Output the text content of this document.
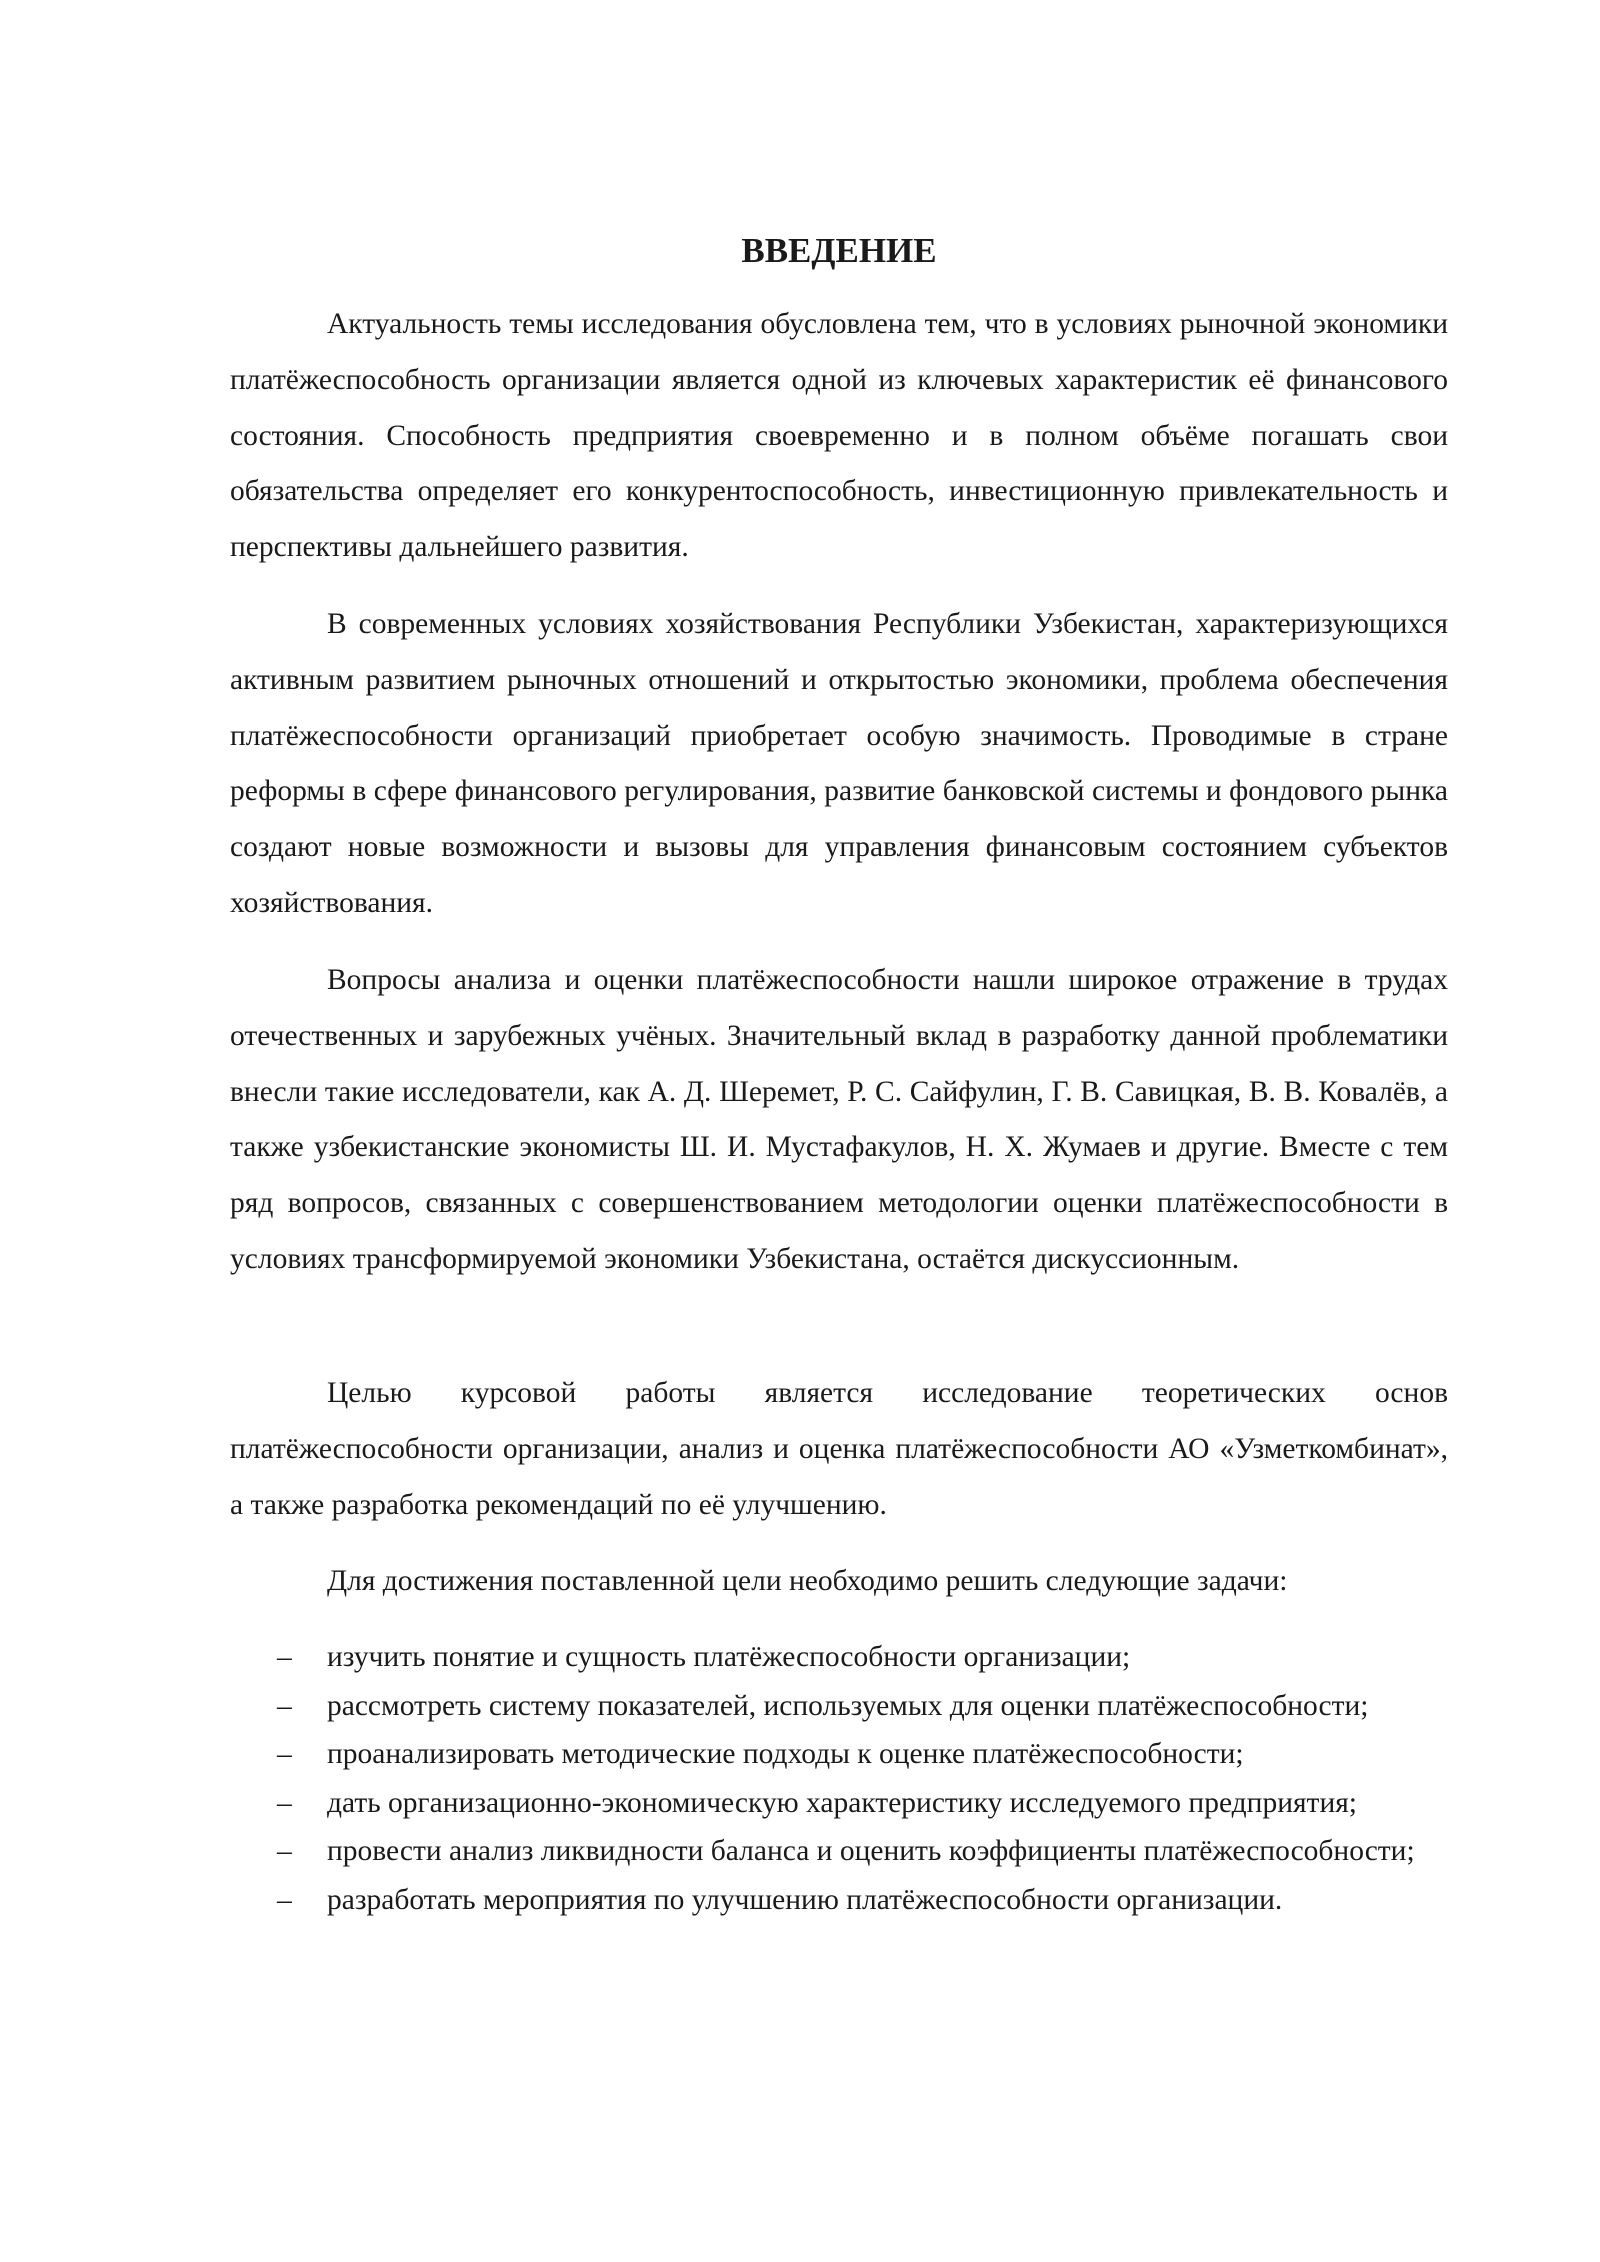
ВВЕДЕНИЕ

Актуальность темы исследования обусловлена тем, что в условиях рыночной экономики платёжеспособность организации является одной из ключевых характеристик её финансового состояния. Способность предприятия своевременно и в полном объёме погашать свои обязательства определяет его конкурентоспособность, инвестиционную привлекательность и перспективы дальнейшего развития.

В современных условиях хозяйствования Республики Узбекистан, характеризующихся активным развитием рыночных отношений и открытостью экономики, проблема обеспечения платёжеспособности организаций приобретает особую значимость. Проводимые в стране реформы в сфере финансового регулирования, развитие банковской системы и фондового рынка создают новые возможности и вызовы для управления финансовым состоянием субъектов хозяйствования.

Вопросы анализа и оценки платёжеспособности нашли широкое отражение в трудах отечественных и зарубежных учёных. Значительный вклад в разработку данной проблематики внесли такие исследователи, как А. Д. Шеремет, Р. С. Сайфулин, Г. В. Савицкая, В. В. Ковалёв, а также узбекистанские экономисты Ш. И. Мустафакулов, Н. Х. Жумаев и другие. Вместе с тем ряд вопросов, связанных с совершенствованием методологии оценки платёжеспособности в условиях трансформируемой экономики Узбекистана, остаётся дискуссионным.

Целью курсовой работы является исследование теоретических основ платёжеспособности организации, анализ и оценка платёжеспособности АО «Узметкомбинат», а также разработка рекомендаций по её улучшению.

Для достижения поставленной цели необходимо решить следующие задачи:

– изучить понятие и сущность платёжеспособности организации;
– рассмотреть систему показателей, используемых для оценки платёжеспособности;
– проанализировать методические подходы к оценке платёжеспособности;
– дать организационно-экономическую характеристику исследуемого предприятия;
– провести анализ ликвидности баланса и оценить коэффициенты платёжеспособности;
– разработать мероприятия по улучшению платёжеспособности организации.
